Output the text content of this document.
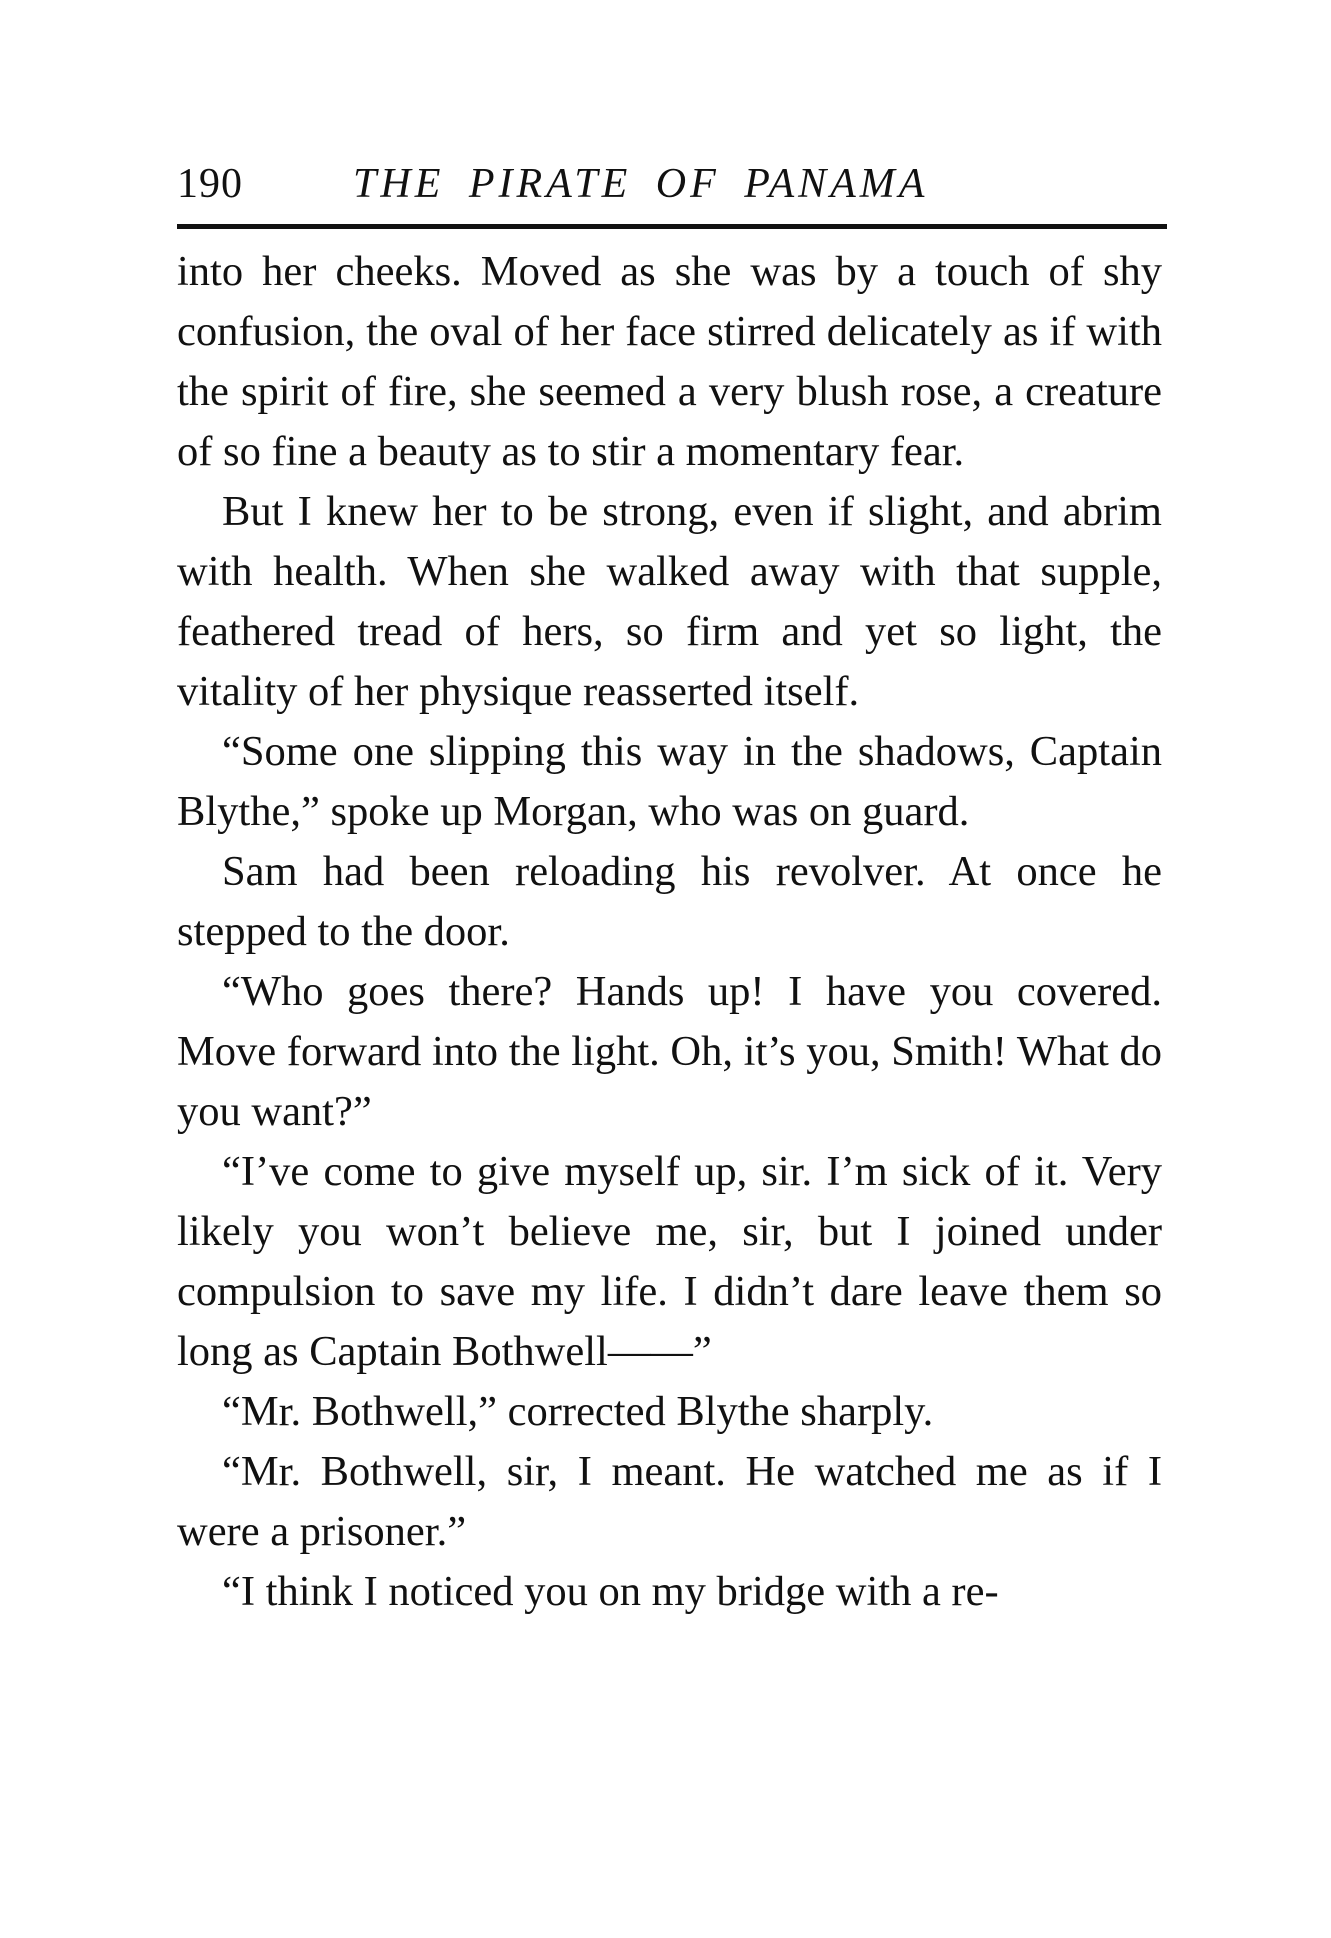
190	THE PIRATE OF PANAMA

into her cheeks. Moved as she was by a touch of shy confusion, the oval of her face stirred delicately as if with the spirit of fire, she seemed a very blush rose, a creature of so fine a beauty as to stir a momentary fear.

But I knew her to be strong, even if slight, and abrim with health. When she walked away with that supple, feathered tread of hers, so firm and yet so light, the vitality of her physique reasserted itself.

“Some one slipping this way in the shadows, Captain Blythe,” spoke up Morgan, who was on guard.

Sam had been reloading his revolver. At once he stepped to the door.

“Who goes there? Hands up! I have you covered. Move forward into the light. Oh, it’s you, Smith! What do you want?”

“I’ve come to give myself up, sir. I’m sick of it. Very likely you won’t believe me, sir, but I joined under compulsion to save my life. I didn’t dare leave them so long as Captain Bothwell——”

“Mr. Bothwell,” corrected Blythe sharply.

“Mr. Bothwell, sir, I meant. He watched me as if I were a prisoner.”

“I think I noticed you on my bridge with a re-
